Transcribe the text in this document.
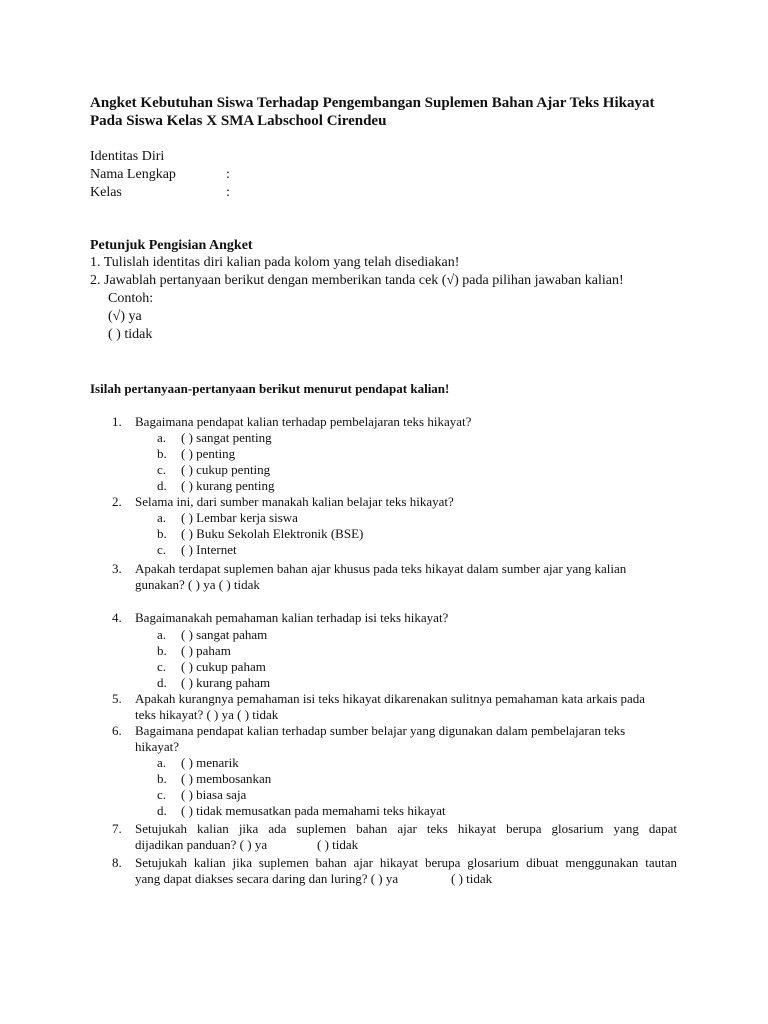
Angket Kebutuhan Siswa Terhadap Pengembangan Suplemen Bahan Ajar Teks Hikayat
Pada Siswa Kelas X SMA Labschool Cirendeu
Identitas Diri
Nama Lengkap	:
Kelas	:
Petunjuk Pengisian Angket
1. Tulislah identitas diri kalian pada kolom yang telah disediakan!
2. Jawablah pertanyaan berikut dengan memberikan tanda cek (√) pada pilihan jawaban kalian!
Contoh:
(√) ya
( ) tidak
Isilah pertanyaan-pertanyaan berikut menurut pendapat kalian!
1. Bagaimana pendapat kalian terhadap pembelajaran teks hikayat?
a. ( ) sangat penting
b. ( ) penting
c. ( ) cukup penting
d. ( ) kurang penting
2. Selama ini, dari sumber manakah kalian belajar teks hikayat?
a. ( ) Lembar kerja siswa
b. ( ) Buku Sekolah Elektronik (BSE)
c. ( ) Internet
3. Apakah terdapat suplemen bahan ajar khusus pada teks hikayat dalam sumber ajar yang kalian
gunakan? ( ) ya ( ) tidak
4. Bagaimanakah pemahaman kalian terhadap isi teks hikayat?
a. ( ) sangat paham
b. ( ) paham
c. ( ) cukup paham
d. ( ) kurang paham
5. Apakah kurangnya pemahaman isi teks hikayat dikarenakan sulitnya pemahaman kata arkais pada
teks hikayat? ( ) ya ( ) tidak
6. Bagaimana pendapat kalian terhadap sumber belajar yang digunakan dalam pembelajaran teks
hikayat?
a. ( ) menarik
b. ( ) membosankan
c. ( ) biasa saja
d. ( ) tidak memusatkan pada memahami teks hikayat
7. Setujukah kalian jika ada suplemen bahan ajar teks hikayat berupa glosarium yang dapat
dijadikan panduan? ( ) ya	( ) tidak
8. Setujukah kalian jika suplemen bahan ajar hikayat berupa glosarium dibuat menggunakan tautan
yang dapat diakses secara daring dan luring? ( ) ya	( ) tidak
